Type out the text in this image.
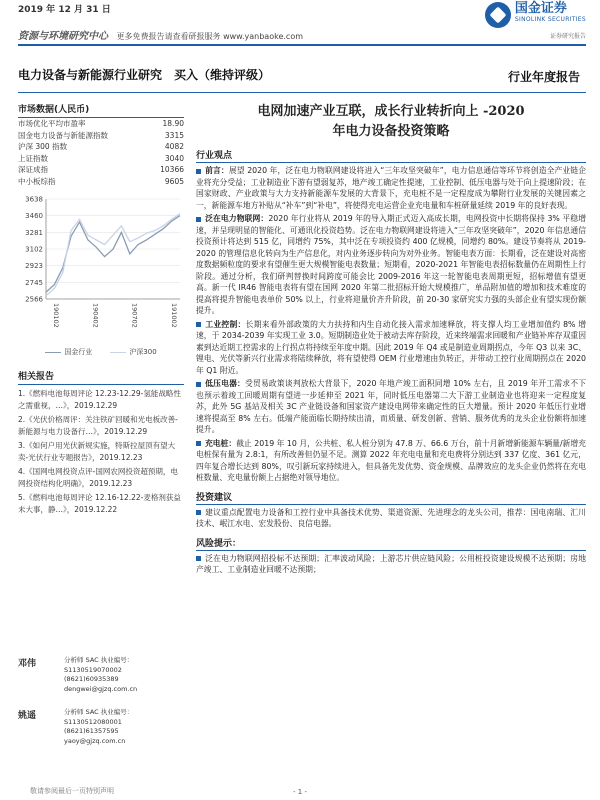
2019 年 12 月 31 日	国金证券
SINOLINK SECURITIES
证券研究报告
资源与环境研究中心 更多免费报告请查看研报服务 www.yanbaoke.com
电力设备与新能源行业研究　买入（维持评级）	行业年度报告
市场数据(人民币)
市场优化平均市盈率	18.90
国金电力设备与新能源指数	3315
沪深 300 指数	4082
上证指数	3040
深证成指	10366
中小板综指	9605
3638
3460
3281
3102
2923
2745
2566
190102	190402	190702	191002
国金行业	沪深300
相关报告
1.《燃料电池每周评论 12.23-12.29-氢能战略性之需重视，…》，2019.12.29
2.《光伏价格周评：关注铁矿回暖和光电板改善-新能源与电力设备行…》，2019.12.29
3.《如何户用光伏新规实施，特斯拉屋顶有望大卖-光伏行业专题报告》，2019.12.23
4.《国网电网投资点评-国网农网投资超预期，电网投资结构化明确》，2019.12.23
5.《燃料电池每周评论 12.16-12.22-麦格剂获益未大事，静…》，2019.12.22
邓伟	分析师 SAC 执业编号：S1130519070002
(8621)60935389
dengwei@gjzq.com.cn
姚遥	分析师 SAC 执业编号：S1130512080001
(8621)61357595
yaoy@gjzq.com.cn
电网加速产业互联，成长行业转折向上 -2020
年电力设备投资策略
行业观点
前言：展望 2020 年，泛在电力物联网建设将进入“三年攻坚突破年”，电力信息通信等环节将创造全产业链企业将充分受益；工业制造业下游有望弱复苏，地产竣工确定性提速，工业控制、低压电器与处于向上提速阶段；在国家财政、产业政策与大力支持新能源车发展的大背景下，充电桩不是一定程度成为攀附行业发展的关键因素之一，新能源车地方补贴从“补车”到“补电”，将使得充电运营企业充电量和车桩研量延续 2019 年的良好表现。
泛在电力物联网：2020 年行业将从 2019 年的导入期正式迈入高成长期，电网投资中长期将保持 3% 平稳增速，并呈现明显的智能化、可通讯化投资趋势。泛在电力物联网建设将进入“三年攻坚突破年”，2020 年信息通信投资预计将达到 515 亿，同增约 75%，其中泛在专项投资约 400 亿规模，同增约 80%。建设节奏将从 2019-2020 的管理信息化转向为生产信息化，对内业务逐步转向为对外业务。智能电表方面：长期看，泛在建设对高密度数据频粒度的要求有望催生更大规模智能电表数量；短期看，2020-2021 年智能电表招标数量仍在周期性上行阶段。通过分析，我们研判替换时间跨度可能会比 2009-2016 年这一轮智能电表周期更短，招标增值有望更高。新一代 IR46 智能电表将有望在国网 2020 年第二批招标开始大规模推广，单品附加值的增加和技术难度的提高将提升智能电表单价 50% 以上，行业将迎量价齐升阶段，前 20-30 家研究实力强的头部企业有望实现份额提升。
工业控制：长期来看外部政策的大力扶持和内生自动化接入需求加速释放，将支撑人均工业增加值约 8% 增速，于 2034-2039 年实现工业 3.0。短期制造业处于被动去库存阶段，近来终端需求回暖和产业链补库存双重因素到达近期工控需求的上行拐点将持续至年度中期。因此 2019 年 Q4 或是制造业周期拐点，今年 Q3 以来 3C、锂电、光伏等新兴行业需求将陆续释放，将有望使得 OEM 行业增速由负转正，并带动工控行业周期拐点在 2020 年 Q1 附近。
低压电器：受贸易政策谈判放松大背景下，2020 年地产竣工面积同增 10% 左右，且 2019 年开工需求不下也预示着竣工回暖周期有望进一步延伸至 2021 年，同时低压电器第二大下游工业制造业也将迎来一定程度复苏，此外 5G 基站及相关 3C 产业链设备和国家资产建设电网带来确定性的巨大增量。预计 2020 年低压行业增速将提高至 8% 左右。低端产能面临长期持续出清，而质量、研发创新、营销、服务优秀的龙头企业份额将加速提升。
充电桩：截止 2019 年 10 月，公共桩、私人桩分别为 47.8 万、66.6 万台，前十月新增新能源车辆量/新增充电桩保有量为 2.8:1，有所改善但仍显不足。测算 2022 年充电电量和充电费将分别达到 337 亿度、361 亿元，四年复合增长达到 80%，叹引新玩家持续进入，但具备先发优势、资金规模、品牌效应的龙头企业仍然将在充电桩数量、充电量份额上占据绝对领导地位。
投资建议
建议重点配置电力设备和工控行业中具备技术优势、渠道资源、先进理念的龙头公司，推荐：国电南瑞、汇川技术、岷江水电、宏发股份、良信电器。
风险提示：
泛在电力物联网招投标不达预期；汇率波动风险；上游芯片供应链风险；公用桩投资建设规模不达预期；房地产竣工、工业制造业回暖不达预期；
敬请参阅最后一页特别声明	- 1 -
